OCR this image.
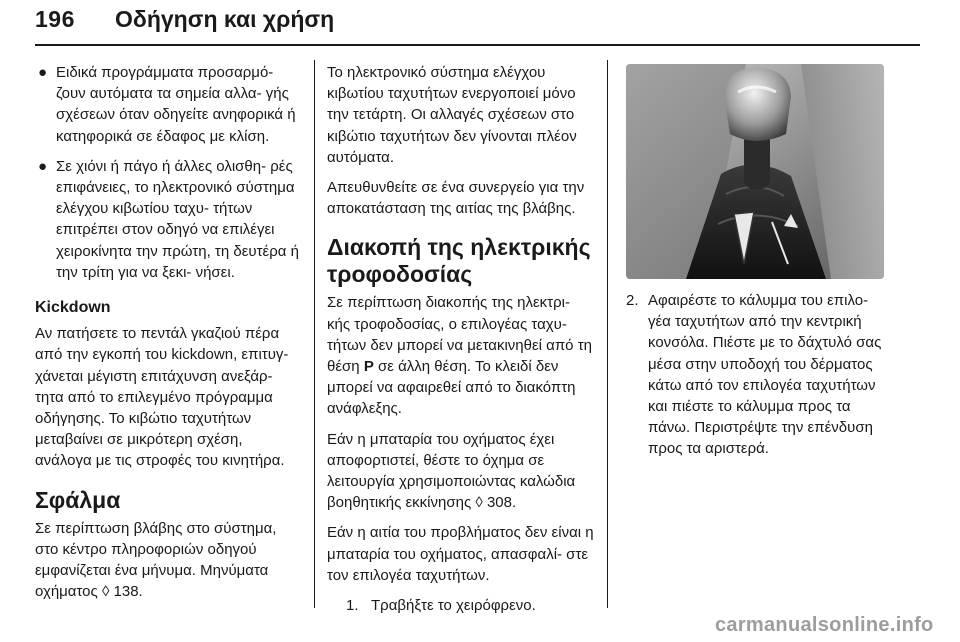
196 Οδήγηση και χρήση
● Ειδικά προγράμματα προσαρμό- ζουν αυτόματα τα σημεία αλλα- γής σχέσεων όταν οδηγείτε ανηφορικά ή κατηφορικά σε έδαφος με κλίση.
● Σε χιόνι ή πάγο ή άλλες ολισθη- ρές επιφάνειες, το ηλεκτρονικό σύστημα ελέγχου κιβωτίου ταχυ- τήτων επιτρέπει στον οδηγό να επιλέγει χειροκίνητα την πρώτη, τη δευτέρα ή την τρίτη για να ξεκι- νήσει.
Kickdown

Αν πατήσετε το πεντάλ γκαζιού πέρα από την εγκοπή του kickdown, επιτυγ- χάνεται μέγιστη επιτάχυνση ανεξάρ- τητα από το επιλεγμένο πρόγραμμα οδήγησης. Το κιβώτιο ταχυτήτων μεταβαίνει σε μικρότερη σχέση, ανάλογα με τις στροφές του κινητήρα.

Σφάλμα

Σε περίπτωση βλάβης στο σύστημα, στο κέντρο πληροφοριών οδηγού εμφανίζεται ένα μήνυμα. Μηνύματα οχήματος ◊ 138.

Το ηλεκτρονικό σύστημα ελέγχου κιβωτίου ταχυτήτων ενεργοποιεί μόνο την τετάρτη. Οι αλλαγές σχέσεων στο κιβώτιο ταχυτήτων δεν γίνονται πλέον αυτόματα.

Απευθυνθείτε σε ένα συνεργείο για την αποκατάσταση της αιτίας της βλάβης.

Διακοπή της ηλεκτρικής τροφοδοσίας

Σε περίπτωση διακοπής της ηλεκτρι- κής τροφοδοσίας, ο επιλογέας ταχυ- τήτων δεν μπορεί να μετακινηθεί από τη θέση P σε άλλη θέση. Το κλειδί δεν μπορεί να αφαιρεθεί από το διακόπτη ανάφλεξης.

Εάν η μπαταρία του οχήματος έχει αποφορτιστεί, θέστε το όχημα σε λειτουργία χρησιμοποιώντας καλώδια βοηθητικής εκκίνησης ◊ 308.

Εάν η αιτία του προβλήματος δεν είναι η μπαταρία του οχήματος, απασφαλί- στε τον επιλογέα ταχυτήτων.

1. Τραβήξτε το χειρόφρενο.
2. Αφαιρέστε το κάλυμμα του επιλο- γέα ταχυτήτων από την κεντρική κονσόλα. Πιέστε με το δάχτυλό σας μέσα στην υποδοχή του δέρματος κάτω από τον επιλογέα ταχυτήτων και πιέστε το κάλυμμα προς τα πάνω. Περιστρέψτε την επένδυση προς τα αριστερά.
carmanualsonline.info
